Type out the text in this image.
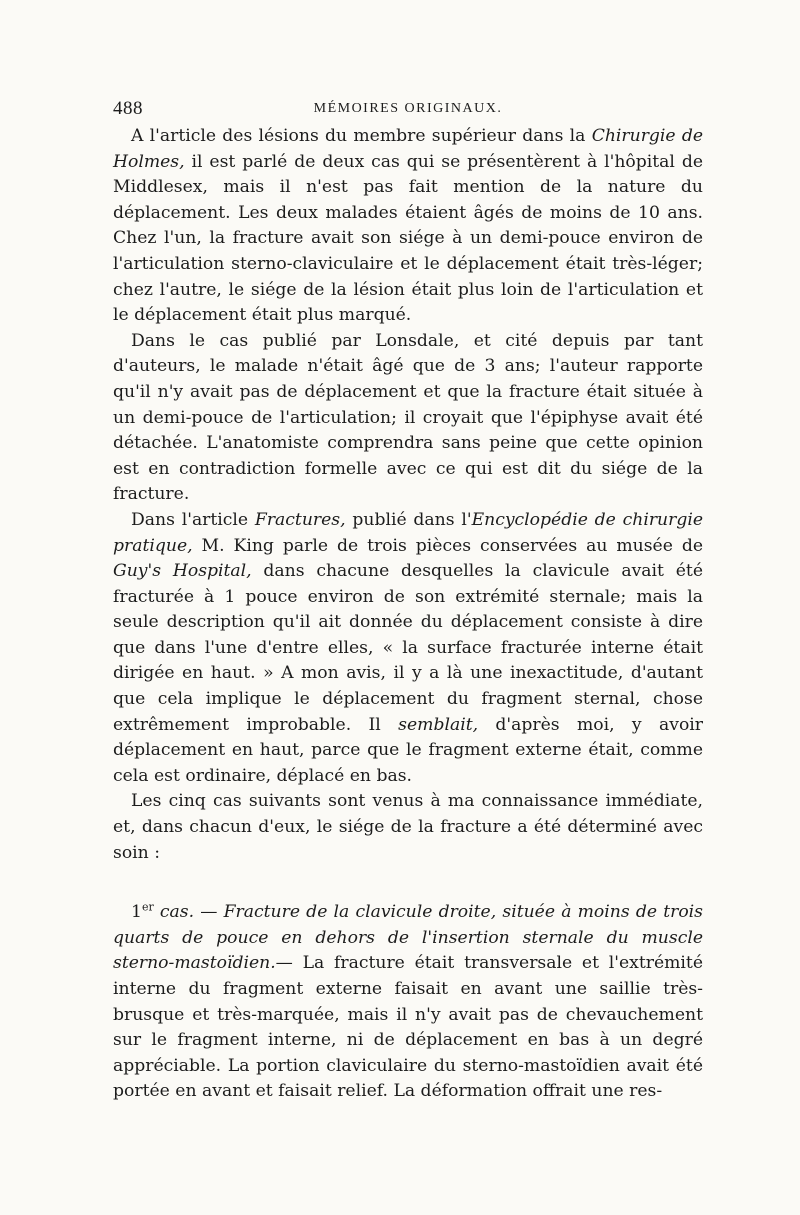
488	MÉMOIRES ORIGINAUX.

A l'article des lésions du membre supérieur dans la Chirurgie de Holmes, il est parlé de deux cas qui se présentèrent à l'hôpital de Middlesex, mais il n'est pas fait mention de la nature du déplacement. Les deux malades étaient âgés de moins de 10 ans. Chez l'un, la fracture avait son siége à un demi-pouce environ de l'articulation sterno-claviculaire et le déplacement était très-léger; chez l'autre, le siége de la lésion était plus loin de l'articulation et le déplacement était plus marqué.

Dans le cas publié par Lonsdale, et cité depuis par tant d'auteurs, le malade n'était âgé que de 3 ans; l'auteur rapporte qu'il n'y avait pas de déplacement et que la fracture était située à un demi-pouce de l'articulation; il croyait que l'épiphyse avait été détachée. L'anatomiste comprendra sans peine que cette opinion est en contradiction formelle avec ce qui est dit du siége de la fracture.

Dans l'article Fractures, publié dans l'Encyclopédie de chirurgie pratique, M. King parle de trois pièces conservées au musée de Guy's Hospital, dans chacune desquelles la clavicule avait été fracturée à 1 pouce environ de son extrémité sternale; mais la seule description qu'il ait donnée du déplacement consiste à dire que dans l'une d'entre elles, « la surface fracturée interne était dirigée en haut. » A mon avis, il y a là une inexactitude, d'autant que cela implique le déplacement du fragment sternal, chose extrêmement improbable. Il semblait, d'après moi, y avoir déplacement en haut, parce que le fragment externe était, comme cela est ordinaire, déplacé en bas.

Les cinq cas suivants sont venus à ma connaissance immédiate, et, dans chacun d'eux, le siége de la fracture a été déterminé avec soin :

1er cas. — Fracture de la clavicule droite, située à moins de trois quarts de pouce en dehors de l'insertion sternale du muscle sterno-mastoïdien.— La fracture était transversale et l'extrémité interne du fragment externe faisait en avant une saillie très-brusque et très-marquée, mais il n'y avait pas de chevauchement sur le fragment interne, ni de déplacement en bas à un degré appréciable. La portion claviculaire du sterno-mastoïdien avait été portée en avant et faisait relief. La déformation offrait une res-
